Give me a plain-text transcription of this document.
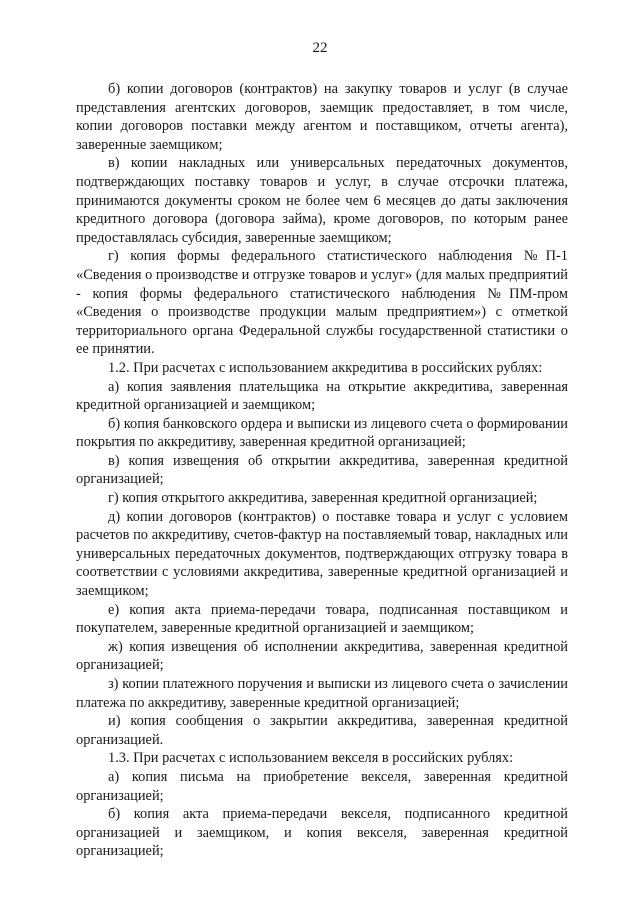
22

б) копии договоров (контрактов) на закупку товаров и услуг (в случае представления агентских договоров, заемщик предоставляет, в том числе, копии договоров поставки между агентом и поставщиком, отчеты агента), заверенные заемщиком;

в) копии накладных или универсальных передаточных документов, подтверждающих поставку товаров и услуг, в случае отсрочки платежа, принимаются документы сроком не более чем 6 месяцев до даты заключения кредитного договора (договора займа), кроме договоров, по которым ранее предоставлялась субсидия, заверенные заемщиком;

г) копия формы федерального статистического наблюдения №П-1 «Сведения о производстве и отгрузке товаров и услуг» (для малых предприятий - копия формы федерального статистического наблюдения №ПМ-пром «Сведения о производстве продукции малым предприятием») с отметкой территориального органа Федеральной службы государственной статистики о ее принятии.

1.2. При расчетах с использованием аккредитива в российских рублях:

а) копия заявления плательщика на открытие аккредитива, заверенная кредитной организацией и заемщиком;

б) копия банковского ордера и выписки из лицевого счета о формировании покрытия по аккредитиву, заверенная кредитной организацией;

в) копия извещения об открытии аккредитива, заверенная кредитной организацией;

г) копия открытого аккредитива, заверенная кредитной организацией;

д) копии договоров (контрактов) о поставке товара и услуг с условием расчетов по аккредитиву, счетов-фактур на поставляемый товар, накладных или универсальных передаточных документов, подтверждающих отгрузку товара в соответствии с условиями аккредитива, заверенные кредитной организацией и заемщиком;

е) копия акта приема-передачи товара, подписанная поставщиком и покупателем, заверенные кредитной организацией и заемщиком;

ж) копия извещения об исполнении аккредитива, заверенная кредитной организацией;

з) копии платежного поручения и выписки из лицевого счета о зачислении платежа по аккредитиву, заверенные кредитной организацией;

и) копия сообщения о закрытии аккредитива, заверенная кредитной организацией.

1.3. При расчетах с использованием векселя в российских рублях:

а) копия письма на приобретение векселя, заверенная кредитной организацией;

б) копия акта приема-передачи векселя, подписанного кредитной организацией и заемщиком, и копия векселя, заверенная кредитной организацией;
